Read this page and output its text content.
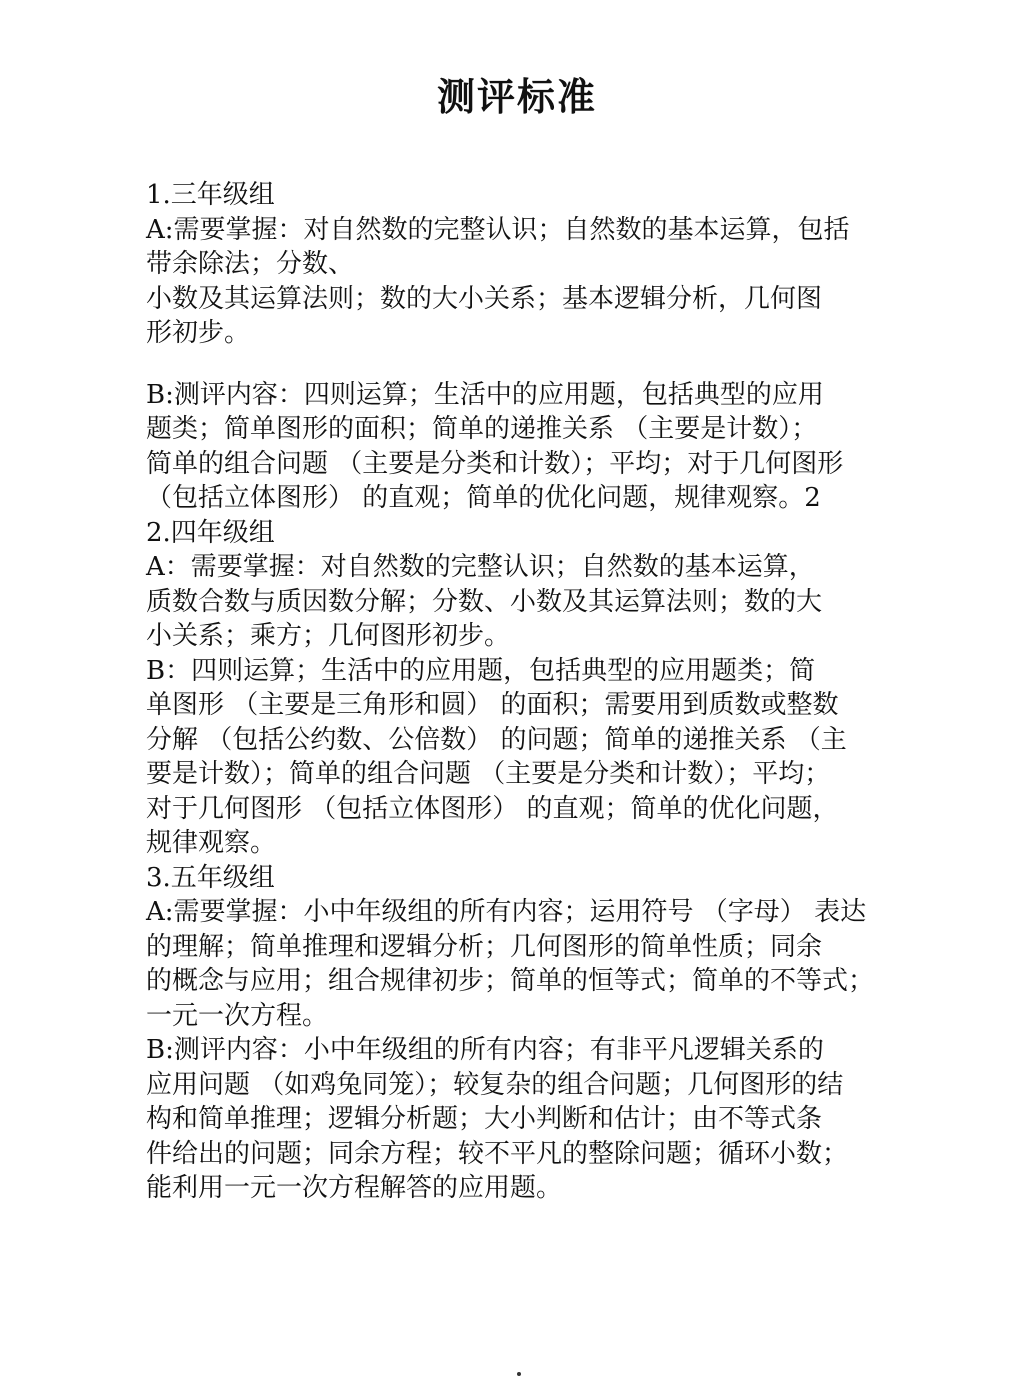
测评标准
1.三年级组
A:需要掌握：对自然数的完整认识；自然数的基本运算，包括
带余除法；分数、
小数及其运算法则；数的大小关系；基本逻辑分析，几何图
形初步。
B:测评内容：四则运算；生活中的应用题，包括典型的应用
题类；简单图形的面积；简单的递推关系 （主要是计数）；
简单的组合问题 （主要是分类和计数）；平均；对于几何图形
（包括立体图形） 的直观；简单的优化问题，规律观察。2
2.四年级组
A：需要掌握：对自然数的完整认识；自然数的基本运算，
质数合数与质因数分解；分数、小数及其运算法则；数的大
小关系；乘方；几何图形初步。
B：四则运算；生活中的应用题，包括典型的应用题类；简
单图形 （主要是三角形和圆） 的面积；需要用到质数或整数
分解 （包括公约数、公倍数） 的问题；简单的递推关系 （主
要是计数）；简单的组合问题 （主要是分类和计数）；平均；
对于几何图形 （包括立体图形） 的直观；简单的优化问题，
规律观察。
3.五年级组
A:需要掌握：小中年级组的所有内容；运用符号 （字母） 表达
的理解；简单推理和逻辑分析；几何图形的简单性质；同余
的概念与应用；组合规律初步；简单的恒等式；简单的不等式；
一元一次方程。
B:测评内容：小中年级组的所有内容；有非平凡逻辑关系的
应用问题 （如鸡兔同笼）；较复杂的组合问题；几何图形的结
构和简单推理；逻辑分析题；大小判断和估计；由不等式条
件给出的问题；同余方程；较不平凡的整除问题；循环小数；
能利用一元一次方程解答的应用题。
